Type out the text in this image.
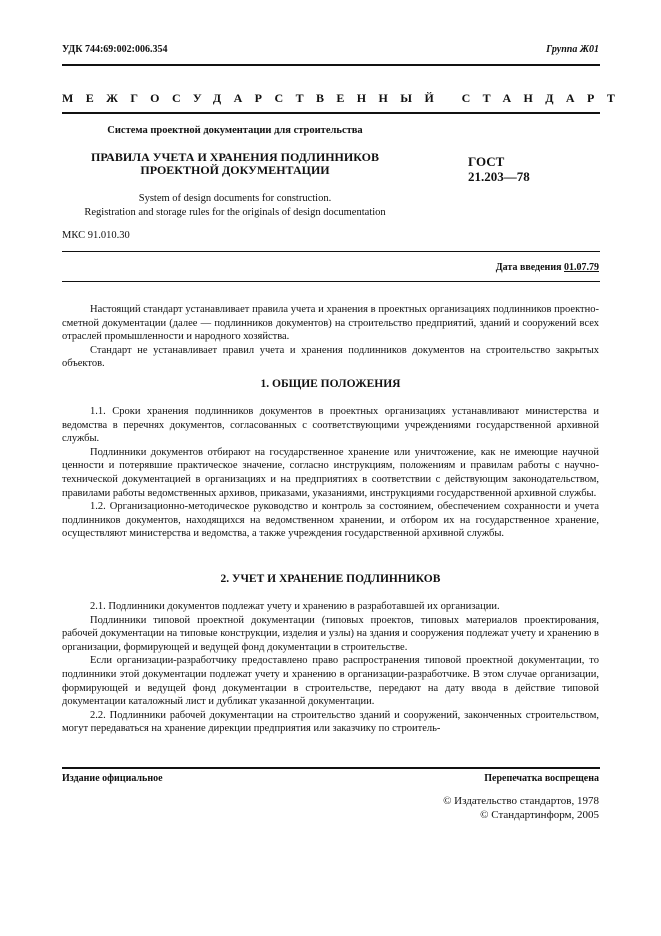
УДК 744:69:002:006.354	Группа Ж01
МЕЖГОСУДАРСТВЕННЫЙ СТАНДАРТ
Система проектной документации для строительства
ПРАВИЛА УЧЕТА И ХРАНЕНИЯ ПОДЛИННИКОВ
ПРОЕКТНОЙ ДОКУМЕНТАЦИИ
ГОСТ
21.203—78
System of design documents for construction.
Registration and storage rules for the originals of design documentation
МКС 91.010.30
Дата введения 01.07.79

Настоящий стандарт устанавливает правила учета и хранения в проектных организациях подлинников проектно-сметной документации (далее — подлинников документов) на строительство предприятий, зданий и сооружений всех отраслей промышленности и народного хозяйства.

Стандарт не устанавливает правил учета и хранения подлинников документов на строительство закрытых объектов.

1. ОБЩИЕ ПОЛОЖЕНИЯ

1.1. Сроки хранения подлинников документов в проектных организациях устанавливают министерства и ведомства в перечнях документов, согласованных с соответствующими учреждениями государственной архивной службы.

Подлинники документов отбирают на государственное хранение или уничтожение, как не имеющие научной ценности и потерявшие практическое значение, согласно инструкциям, положениям и правилам работы с научно-технической документацией в организациях и на предприятиях в соответствии с действующим законодательством, правилами работы ведомственных архивов, приказами, указаниями, инструкциями государственной архивной службы.

1.2. Организационно-методическое руководство и контроль за состоянием, обеспечением сохранности и учета подлинников документов, находящихся на ведомственном хранении, и отбором их на государственное хранение, осуществляют министерства и ведомства, а также учреждения государственной архивной службы.

2. УЧЕТ И ХРАНЕНИЕ ПОДЛИННИКОВ

2.1. Подлинники документов подлежат учету и хранению в разработавшей их организации.

Подлинники типовой проектной документации (типовых проектов, типовых материалов проектирования, рабочей документации на типовые конструкции, изделия и узлы) на здания и сооружения подлежат учету и хранению в организации, формирующей и ведущей фонд документации в строительстве.

Если организации-разработчику предоставлено право распространения типовой проектной документации, то подлинники этой документации подлежат учету и хранению в организации-разработчике. В этом случае организации, формирующей и ведущей фонд документации в строительстве, передают на дату ввода в действие типовой документации каталожный лист и дубликат указанной документации.

2.2. Подлинники рабочей документации на строительство зданий и сооружений, законченных строительством, могут передаваться на хранение дирекции предприятия или заказчику по строитель-

Издание официальное	Перепечатка воспрещена
© Издательство стандартов, 1978
© Стандартинформ, 2005
